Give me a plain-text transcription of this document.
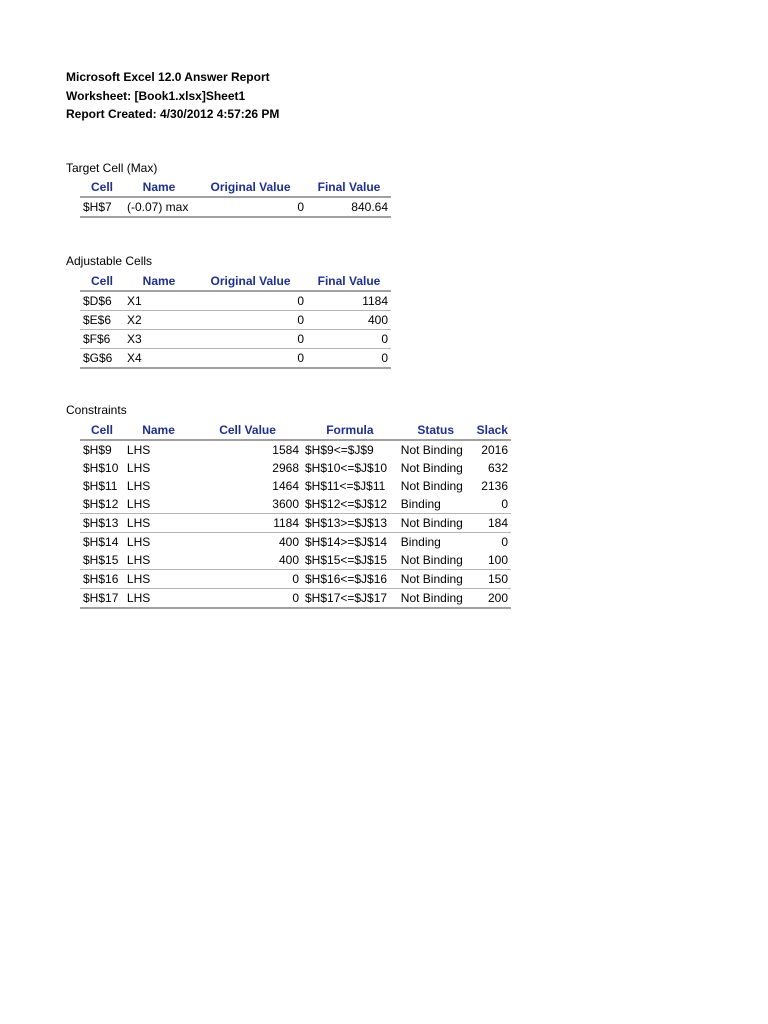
Microsoft Excel 12.0 Answer Report
Worksheet: [Book1.xlsx]Sheet1
Report Created: 4/30/2012 4:57:26 PM
Target Cell (Max)
Cell	Name	Original Value	Final Value
$H$7	(-0.07) max	0	840.64
Adjustable Cells
Cell	Name	Original Value	Final Value
$D$6	X1	0	1184
$E$6	X2	0	400
$F$6	X3	0	0
$G$6	X4	0	0
Constraints
Cell	Name	Cell Value	Formula	Status	Slack
$H$9	LHS	1584	$H$9<=$J$9	Not Binding	2016
$H$10	LHS	2968	$H$10<=$J$10	Not Binding	632
$H$11	LHS	1464	$H$11<=$J$11	Not Binding	2136
$H$12	LHS	3600	$H$12<=$J$12	Binding	0
$H$13	LHS	1184	$H$13>=$J$13	Not Binding	184
$H$14	LHS	400	$H$14>=$J$14	Binding	0
$H$15	LHS	400	$H$15<=$J$15	Not Binding	100
$H$16	LHS	0	$H$16<=$J$16	Not Binding	150
$H$17	LHS	0	$H$17<=$J$17	Not Binding	200
